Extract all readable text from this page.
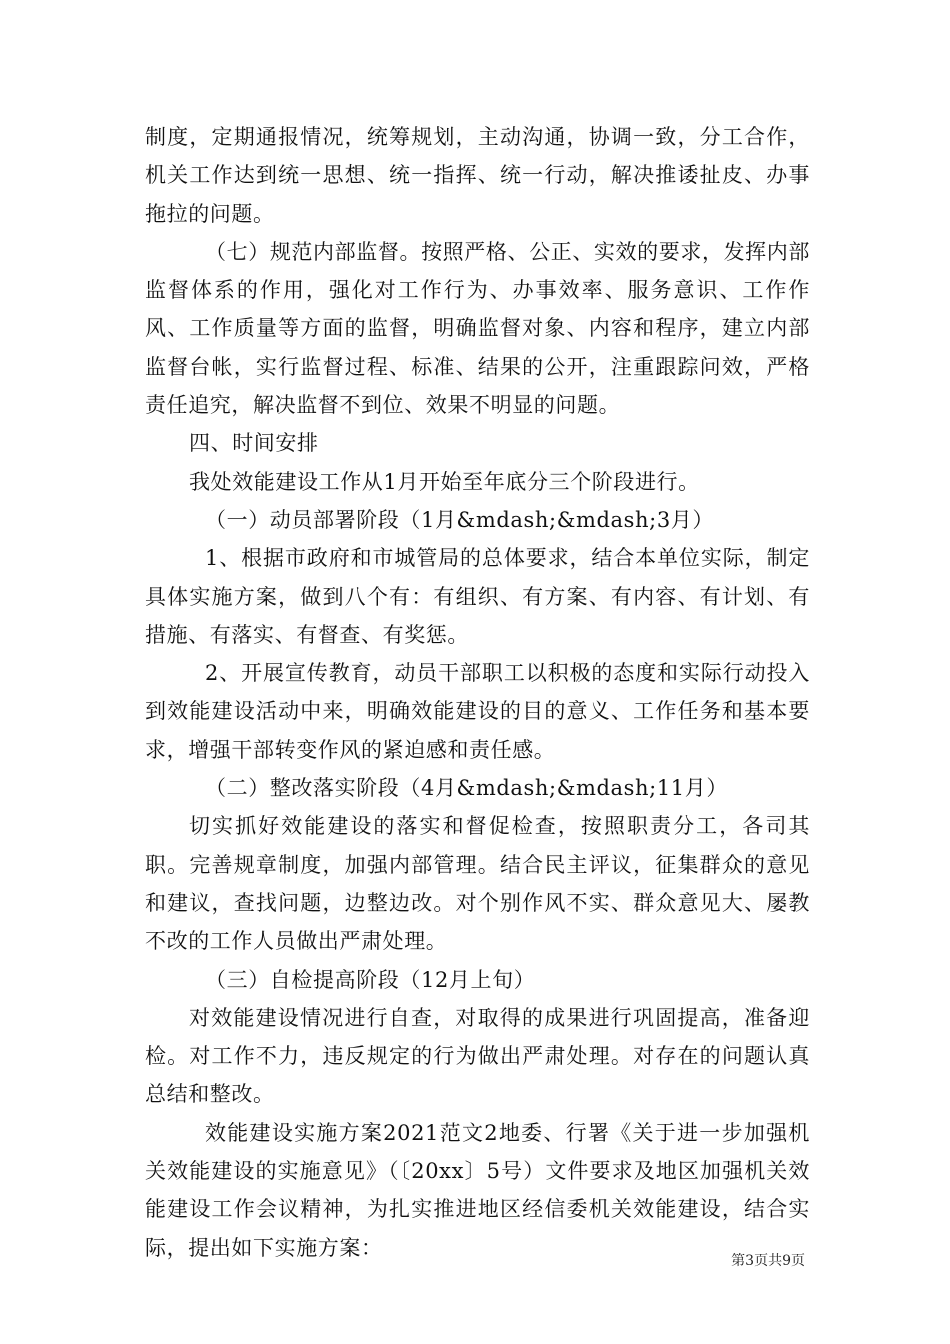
制度，定期通报情况，统筹规划，主动沟通，协调一致，分工合作，机关工作达到统一思想、统一指挥、统一行动，解决推诿扯皮、办事拖拉的问题。

（七）规范内部监督。按照严格、公正、实效的要求，发挥内部监督体系的作用，强化对工作行为、办事效率、服务意识、工作作风、工作质量等方面的监督，明确监督对象、内容和程序，建立内部监督台帐，实行监督过程、标准、结果的公开，注重跟踪问效，严格责任追究，解决监督不到位、效果不明显的问题。

四、时间安排

我处效能建设工作从1月开始至年底分三个阶段进行。

（一）动员部署阶段（1月&mdash;&mdash;3月）

1、根据市政府和市城管局的总体要求，结合本单位实际，制定具体实施方案，做到八个有：有组织、有方案、有内容、有计划、有措施、有落实、有督查、有奖惩。

2、开展宣传教育，动员干部职工以积极的态度和实际行动投入到效能建设活动中来，明确效能建设的目的意义、工作任务和基本要求，增强干部转变作风的紧迫感和责任感。

（二）整改落实阶段（4月&mdash;&mdash;11月）

切实抓好效能建设的落实和督促检查，按照职责分工，各司其职。完善规章制度，加强内部管理。结合民主评议，征集群众的意见和建议，查找问题，边整边改。对个别作风不实、群众意见大、屡教不改的工作人员做出严肃处理。

（三）自检提高阶段（12月上旬）

对效能建设情况进行自查，对取得的成果进行巩固提高，准备迎检。对工作不力，违反规定的行为做出严肃处理。对存在的问题认真总结和整改。

效能建设实施方案2021范文2地委、行署《关于进一步加强机关效能建设的实施意见》（〔20xx〕5号）文件要求及地区加强机关效能建设工作会议精神，为扎实推进地区经信委机关效能建设，结合实际，提出如下实施方案：

第3页共9页
